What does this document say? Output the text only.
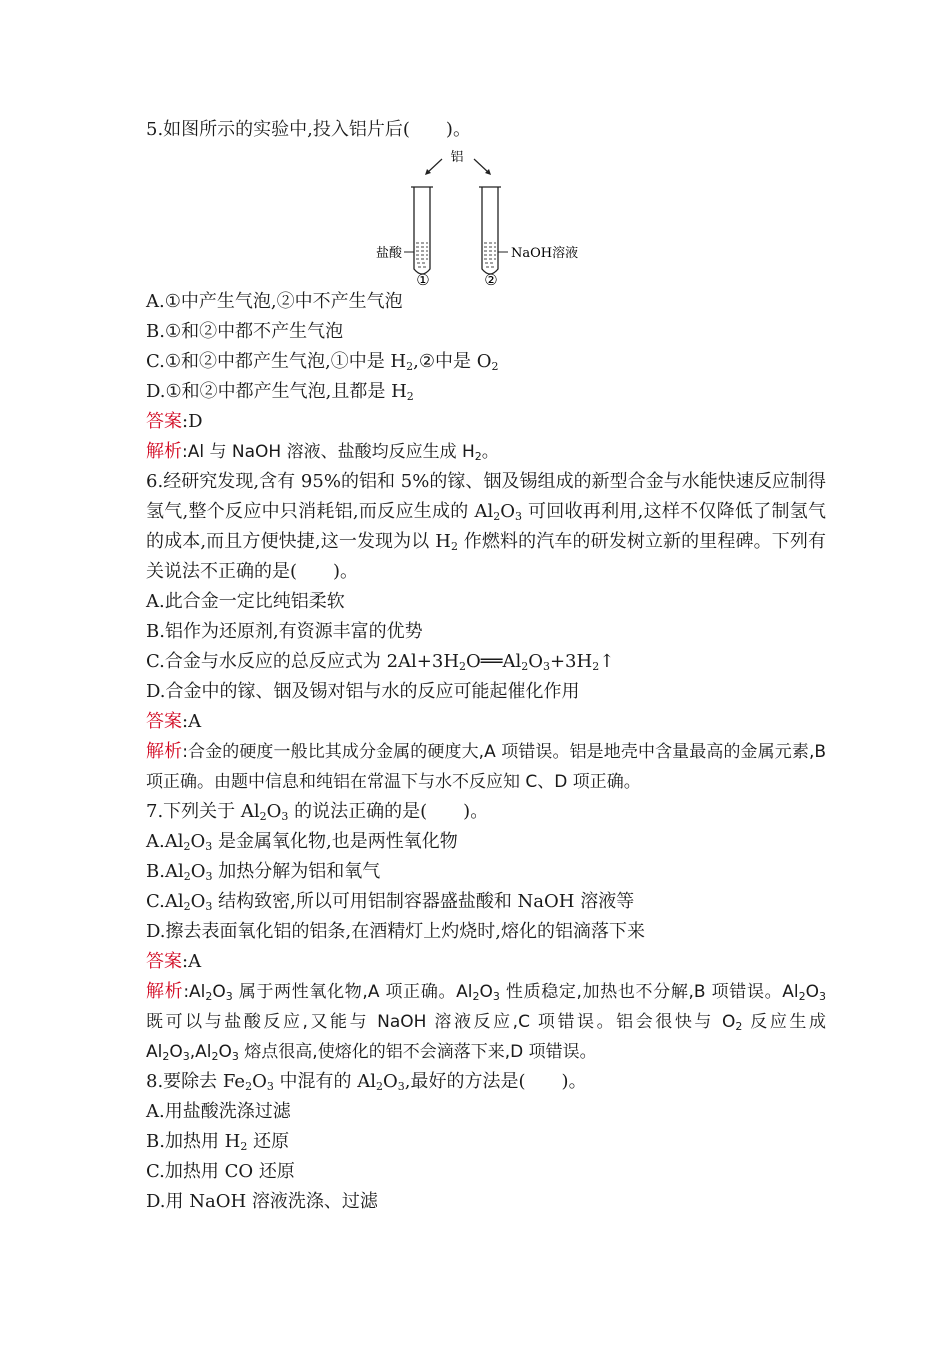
5.如图所示的实验中,投入铝片后(　　)。
铝
盐酸	NaOH溶液
①	②
A.①中产生气泡,②中不产生气泡
B.①和②中都不产生气泡
C.①和②中都产生气泡,①中是 $H_2,②$中是 $O_2$
D.①和②中都产生气泡,且都是 $H_2$
答案:D
解析:Al 与 NaOH 溶液、盐酸均反应生成 $H_2$。
6.经研究发现,含有 95%的铝和 5%的镓、铟及锡组成的新型合金与水能快速反应制得氢气,整个反应中只消耗铝,而反应生成的 $Al_2O_3$ 可回收再利用,这样不仅降低了制氢气的成本,而且方便快捷,这一发现为以 $H_2$ 作燃料的汽车的研发树立新的里程碑。下列有关说法不正确的是(　　)。
A.此合金一定比纯铝柔软
B.铝作为还原剂,有资源丰富的优势
C.合金与水反应的总反应式为 $2Al+3H_2O══Al_2O_3+3H_2↑$
D.合金中的镓、铟及锡对铝与水的反应可能起催化作用
答案:A
解析:合金的硬度一般比其成分金属的硬度大,A 项错误。铝是地壳中含量最高的金属元素,B 项正确。由题中信息和纯铝在常温下与水不反应知 C、D 项正确。
7.下列关于 $Al_2O_3$ 的说法正确的是(　　)。
$A.Al_2O_3$ 是金属氧化物,也是两性氧化物
$B.Al_2O_3$ 加热分解为铝和氧气
$C.Al_2O_3$ 结构致密,所以可用铝制容器盛盐酸和 NaOH 溶液等
D.擦去表面氧化铝的铝条,在酒精灯上灼烧时,熔化的铝滴落下来
答案:A
解析$:Al_2O_3$ 属于两性氧化物,A 项正确。$Al_2O_3$ 性质稳定,加热也不分解,B 项错误。$Al_2O_3$ 既可以与盐酸反应,又能与 NaOH 溶液反应,C 项错误。铝会很快与 $O_2$ 反应生成 $Al_2O_3,Al_2O_3$ 熔点很高,使熔化的铝不会滴落下来,D 项错误。
8.要除去 $Fe_2O_3$ 中混有的 $Al_2O_3$,最好的方法是(　　)。
A.用盐酸洗涤过滤
B.加热用 $H_2$ 还原
C.加热用 CO 还原
D.用 NaOH 溶液洗涤、过滤
